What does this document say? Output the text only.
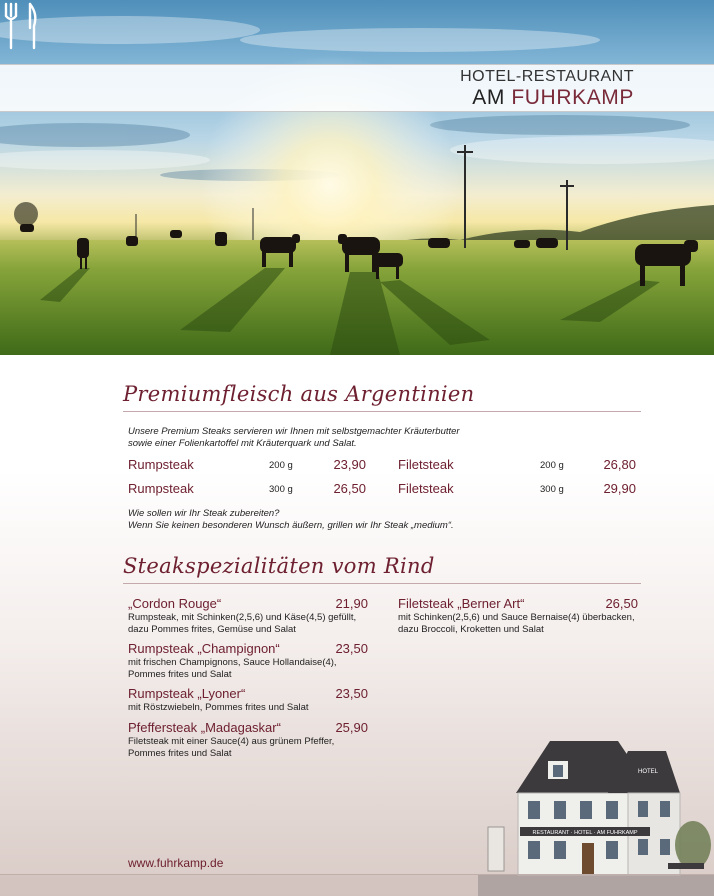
HOTEL-RESTAURANT
AM FUHRKAMP
Premiumfleisch aus Argentinien
Unsere Premium Steaks servieren wir Ihnen mit selbstgemachter Kräuterbutter
sowie einer Folienkartoffel mit Kräuterquark und Salat.
Rumpsteak	200 g	23,90 Filetsteak	200 g	26,80
Rumpsteak	300 g	26,50 Filetsteak	300 g	29,90
Wie sollen wir Ihr Steak zubereiten?
Wenn Sie keinen besonderen Wunsch äußern, grillen wir Ihr Steak „medium“.
Steakspezialitäten vom Rind
„Cordon Rouge“	21,90
Rumpsteak, mit Schinken(2,5,6) und Käse(4,5) gefüllt,
dazu Pommes frites, Gemüse und Salat
Rumpsteak „Champignon“	23,50
mit frischen Champignons, Sauce Hollandaise(4),
Pommes frites und Salat
Rumpsteak „Lyoner“	23,50
mit Röstzwiebeln, Pommes frites und Salat
Pfeffersteak „Madagaskar“	25,90
Filetsteak mit einer Sauce(4) aus grünem Pfeffer,
Pommes frites und Salat
Filetsteak „Berner Art“	26,50
mit Schinken(2,5,6) und Sauce Bernaise(4) überbacken,
dazu Broccoli, Kroketten und Salat
RESTAURANT · HOTEL · AM FUHRKAMP
HOTEL
www.fuhrkamp.de
